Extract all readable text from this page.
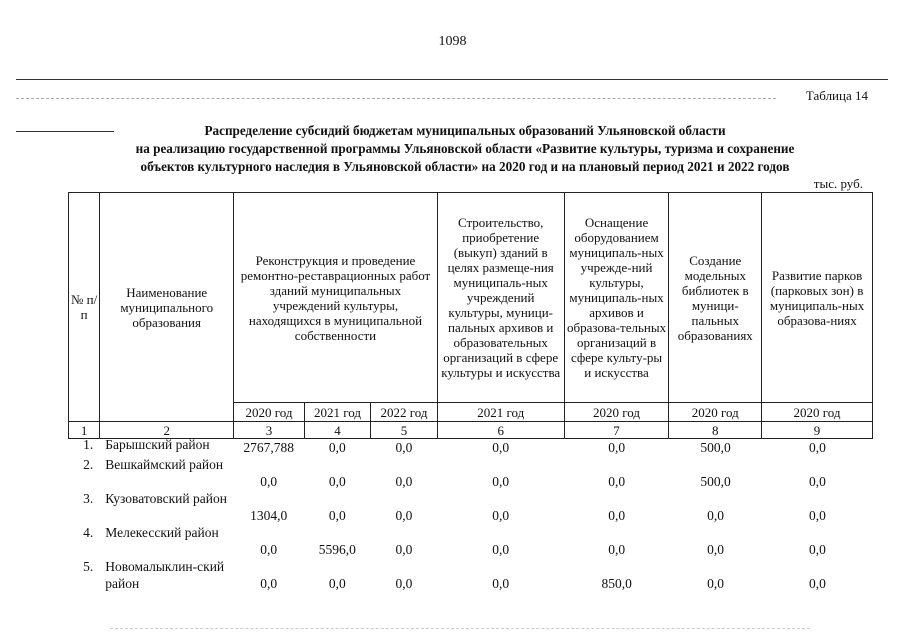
1098
Таблица 14
Распределение субсидий бюджетам муниципальных образований Ульяновской области
на реализацию государственной программы Ульяновской области «Развитие культуры, туризма и сохранение
объектов культурного наследия в Ульяновской области» на 2020 год и на плановый период 2021 и 2022 годов
тыс. руб.
№ п/п	Наименование муниципального образования	Реконструкция и проведение ремонтно-реставрационных работ зданий муниципальных учреждений культуры, находящихся в муниципальной собственности			Строительство, приобретение (выкуп) зданий в целях размеще-ния муниципаль-ных учреждений культуры, муници-пальных архивов и образовательных организаций в сфере культуры и искусства	Оснащение оборудованием муниципаль-ных учрежде-ний культуры, муниципаль-ных архивов и образова-тельных организаций в сфере культу-ры и искусства	Создание модельных библиотек в муници-пальных образованиях	Развитие парков (парковых зон) в муниципаль-ных образова-ниях
		2020 год	2021 год	2022 год	2021 год	2020 год	2020 год	2020 год
1	2	3	4	5	6	7	8	9
1.	Барышский район	2767,788	0,0	0,0	0,0	0,0	500,0	0,0
2.	Вешкаймский район	0,0	0,0	0,0	0,0	0,0	500,0	0,0
3.	Кузоватовский район	1304,0	0,0	0,0	0,0	0,0	0,0	0,0
4.	Мелекесский район	0,0	5596,0	0,0	0,0	0,0	0,0	0,0
5.	Новомалыклин-ский район	0,0	0,0	0,0	0,0	850,0	0,0	0,0
